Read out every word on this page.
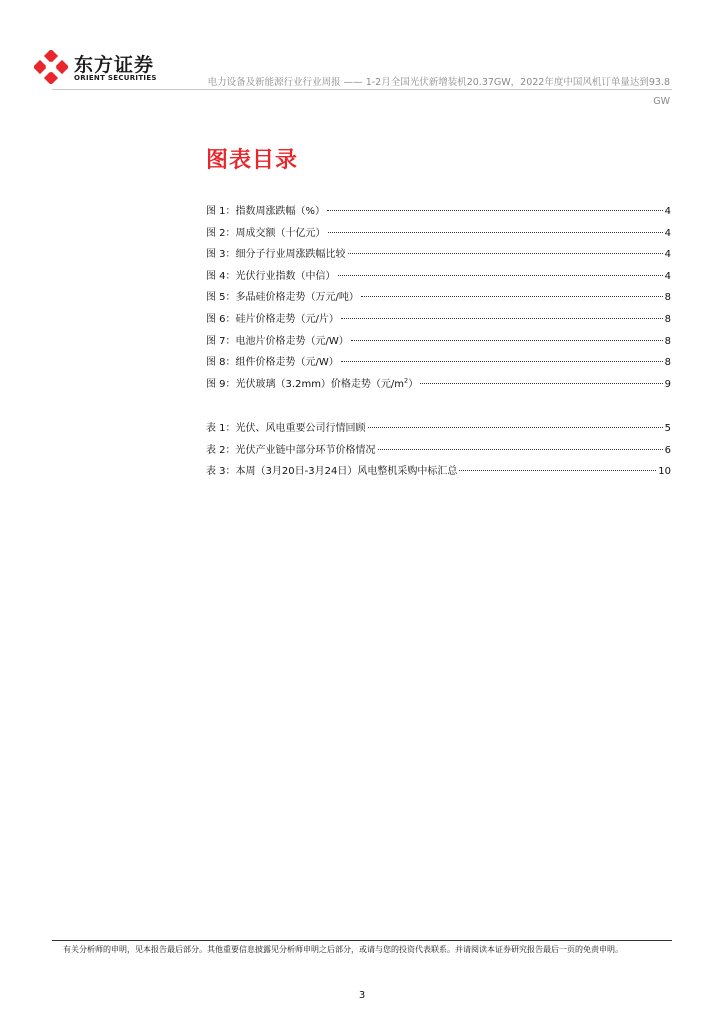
东方证券
ORIENT SECURITIES	电力设备及新能源行业行业周报 —— 1-2月全国光伏新增装机20.37GW，2022年度中国风机订单量达到93.8 GW
图表目录
图 1：指数周涨跌幅（%）	4
图 2：周成交额（十亿元）	4
图 3：细分子行业周涨跌幅比较	4
图 4：光伏行业指数（中信）	4
图 5：多晶硅价格走势（万元/吨）	8
图 6：硅片价格走势（元/片）	8
图 7：电池片价格走势（元/W）	8
图 8：组件价格走势（元/W）	8
图 9：光伏玻璃（3.2mm）价格走势（元$/m^2$）	9
表 1：光伏、风电重要公司行情回顾	5
表 2：光伏产业链中部分环节价格情况	6
表 3：本周（3月20日-3月24日）风电整机采购中标汇总	10
有关分析师的申明，见本报告最后部分。其他重要信息披露见分析师申明之后部分，或请与您的投资代表联系。并请阅读本证券研究报告最后一页的免责申明。
3
